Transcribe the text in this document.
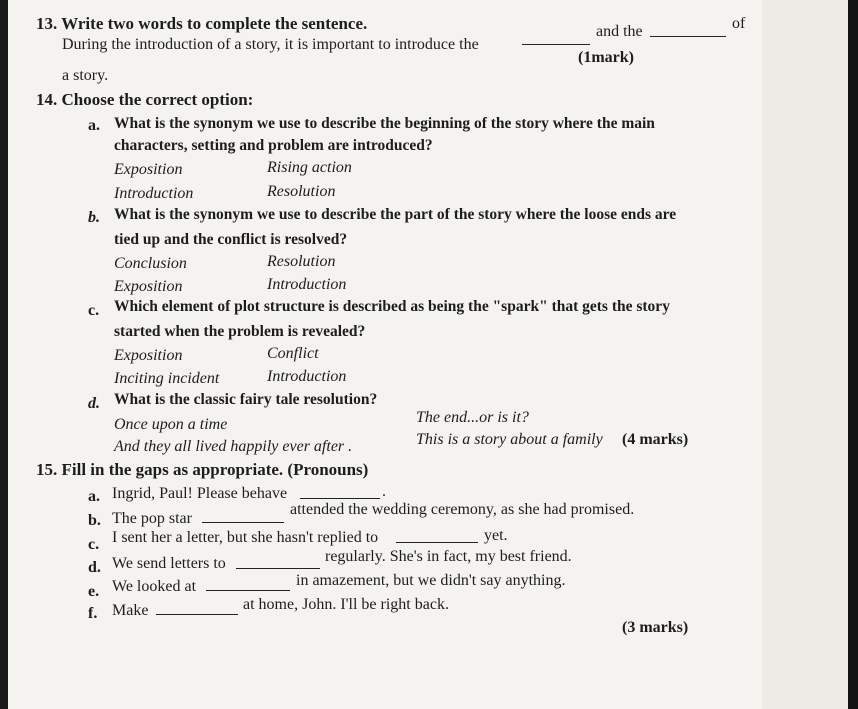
13. Write two words to complete the sentence.
During the introduction of a story, it is important to introduce the
and the	of
(1mark)
a story.
14. Choose the correct option:
a. What is the synonym we use to describe the beginning of the story where the main
characters, setting and problem are introduced?
Exposition	Rising action
Introduction	Resolution
b. What is the synonym we use to describe the part of the story where the loose ends are
tied up and the conflict is resolved?
Conclusion	Resolution
Exposition	Introduction
c. Which element of plot structure is described as being the "spark" that gets the story
started when the problem is revealed?
Exposition	Conflict
Inciting incident	Introduction
d. What is the classic fairy tale resolution?
Once upon a time	The end...or is it?
And they all lived happily ever after .	This is a story about a family (4 marks)
15. Fill in the gaps as appropriate. (Pronouns)
a. Ingrid, Paul! Please behave	.
b. The pop star
attended the wedding ceremony, as she had promised.
c. I sent her a letter, but she hasn't replied to	yet.
d. We send letters to	regularly. She's in fact, my best friend.
e. We looked at	in amazement, but we didn't say anything.
f. Make	at home, John. I'll be right back.
(3 marks)
